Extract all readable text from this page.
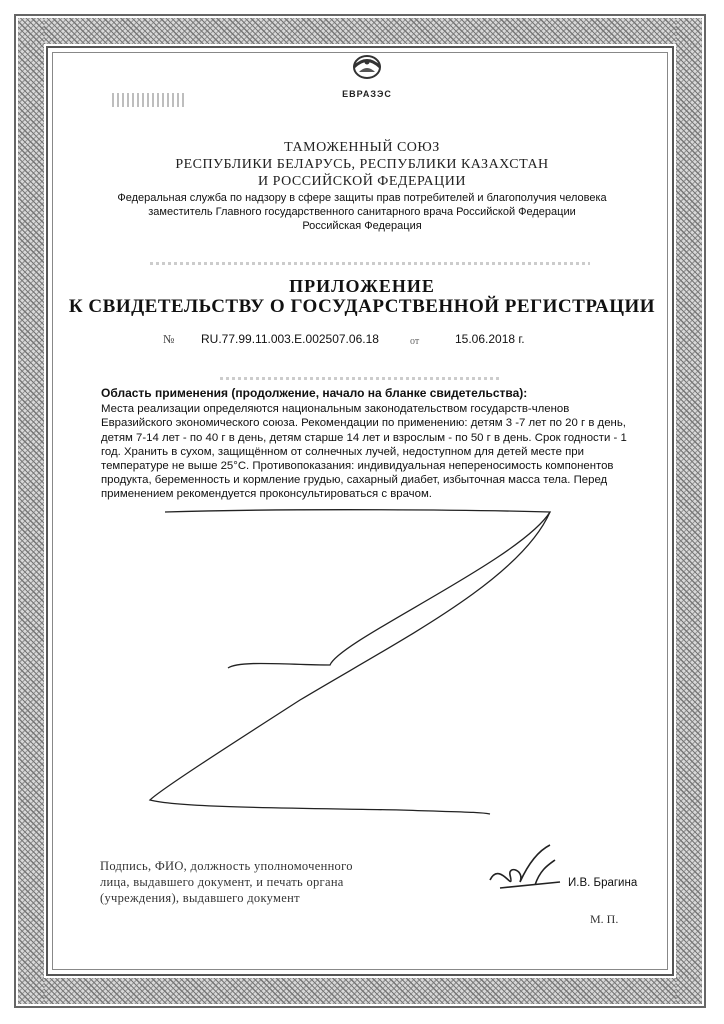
ЕВРАЗЭС
ТАМОЖЕННЫЙ СОЮЗ
РЕСПУБЛИКИ БЕЛАРУСЬ, РЕСПУБЛИКИ КАЗАХСТАН
И РОССИЙСКОЙ ФЕДЕРАЦИИ
Федеральная служба по надзору в сфере защиты прав потребителей и благополучия человека
заместитель Главного государственного санитарного врача Российской Федерации
Российская Федерация
ПРИЛОЖЕНИЕ
К СВИДЕТЕЛЬСТВУ О ГОСУДАРСТВЕННОЙ РЕГИСТРАЦИИ
№ RU.77.99.11.003.E.002507.06.18	от	15.06.2018 г.
Область применения (продолжение, начало на бланке свидетельства):
Места реализации определяются национальным законодательством государств-членов Евразийского экономического союза. Рекомендации по применению: детям 3 -7 лет по 20 г в день, детям 7-14 лет - по 40 г в день, детям старше 14 лет и взрослым - по 50 г в день. Срок годности - 1 год. Хранить в сухом, защищённом от солнечных лучей, недоступном для детей месте при температуре не выше 25°С. Противопоказания: индивидуальная непереносимость компонентов продукта, беременность и кормление грудью, сахарный диабет, избыточная масса тела. Перед применением рекомендуется проконсультироваться с врачом.
Подпись, ФИО, должность уполномоченного
лица, выдавшего документ, и печать органа
(учреждения), выдавшего документ
И.В. Брагина
М. П.
